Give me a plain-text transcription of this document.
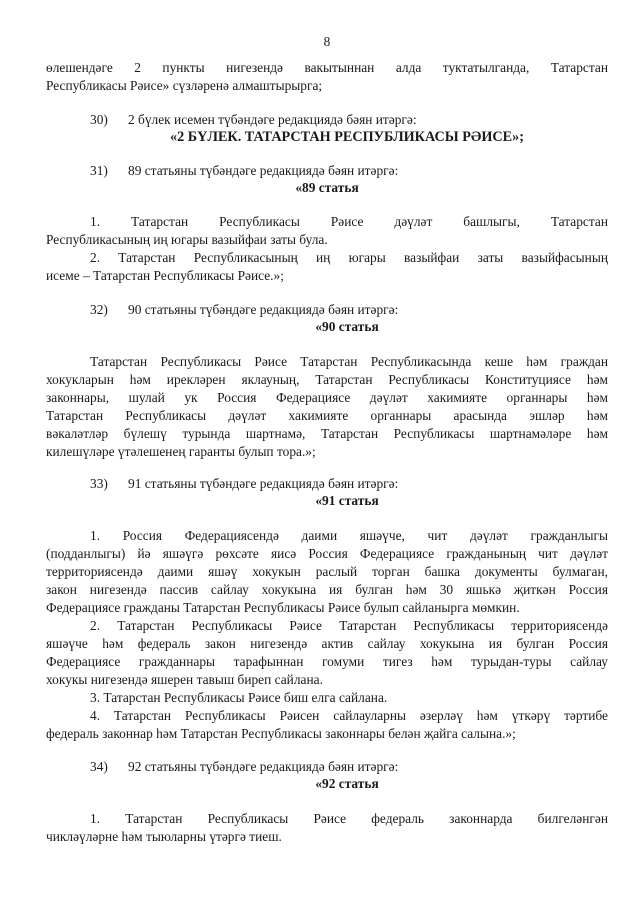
8
өлешендәге 2 пункты нигезендә вакытыннан алда туктатылганда, Татарстан
Республикасы Рәисе» сүзләренә алмаштырырга;
30) 2 бүлек исемен түбәндәге редакциядә бәян итәргә:
«2 БҮЛЕК. ТАТАРСТАН РЕСПУБЛИКАСЫ РӘИСЕ»;
31) 89 статьяны түбәндәге редакциядә бәян итәргә:
«89 статья
1. Татарстан Республикасы Рәисе дәүләт башлыгы, Татарстан
Республикасының иң югары вазыйфаи заты була.
2. Татарстан Республикасының иң югары вазыйфаи заты вазыйфасының
исеме – Татарстан Республикасы Рәисе.»;
32) 90 статьяны түбәндәге редакциядә бәян итәргә:
«90 статья
Татарстан Республикасы Рәисе Татарстан Республикасында кеше һәм граждан
хокукларын һәм ирекләрен яклауның, Татарстан Республикасы Конституциясе һәм
законнары, шулай ук Россия Федерациясе дәүләт хакимияте органнары һәм
Татарстан Республикасы дәүләт хакимияте органнары арасында эшләр һәм
вәкаләтләр бүлешү турында шартнамә, Татарстан Республикасы шартнамәләре һәм
килешүләре үтәлешенең гаранты булып тора.»;
33) 91 статьяны түбәндәге редакциядә бәян итәргә:
«91 статья
1. Россия Федерациясендә даими яшәүче, чит дәүләт гражданлыгы
(подданлыгы) йә яшәүгә рөхсәте яисә Россия Федерациясе гражданының чит дәүләт
территориясендә даими яшәү хокукын раслый торган башка документы булмаган,
закон нигезендә пассив сайлау хокукына ия булган һәм 30 яшькә җиткән Россия
Федерациясе гражданы Татарстан Республикасы Рәисе булып сайланырга мөмкин.
2. Татарстан Республикасы Рәисе Татарстан Республикасы территориясендә
яшәүче һәм федераль закон нигезендә актив сайлау хокукына ия булган Россия
Федерациясе гражданнары тарафыннан гомуми тигез һәм турыдан-туры сайлау
хокукы нигезендә яшерен тавыш биреп сайлана.
3. Татарстан Республикасы Рәисе биш елга сайлана.
4. Татарстан Республикасы Рәисен сайлауларны әзерләү һәм үткәрү тәртибе
федераль законнар һәм Татарстан Республикасы законнары белән җайга салына.»;
34) 92 статьяны түбәндәге редакциядә бәян итәргә:
«92 статья
1. Татарстан Республикасы Рәисе федераль законнарда билгеләнгән
чикләүләрне һәм тыюларны үтәргә тиеш.
